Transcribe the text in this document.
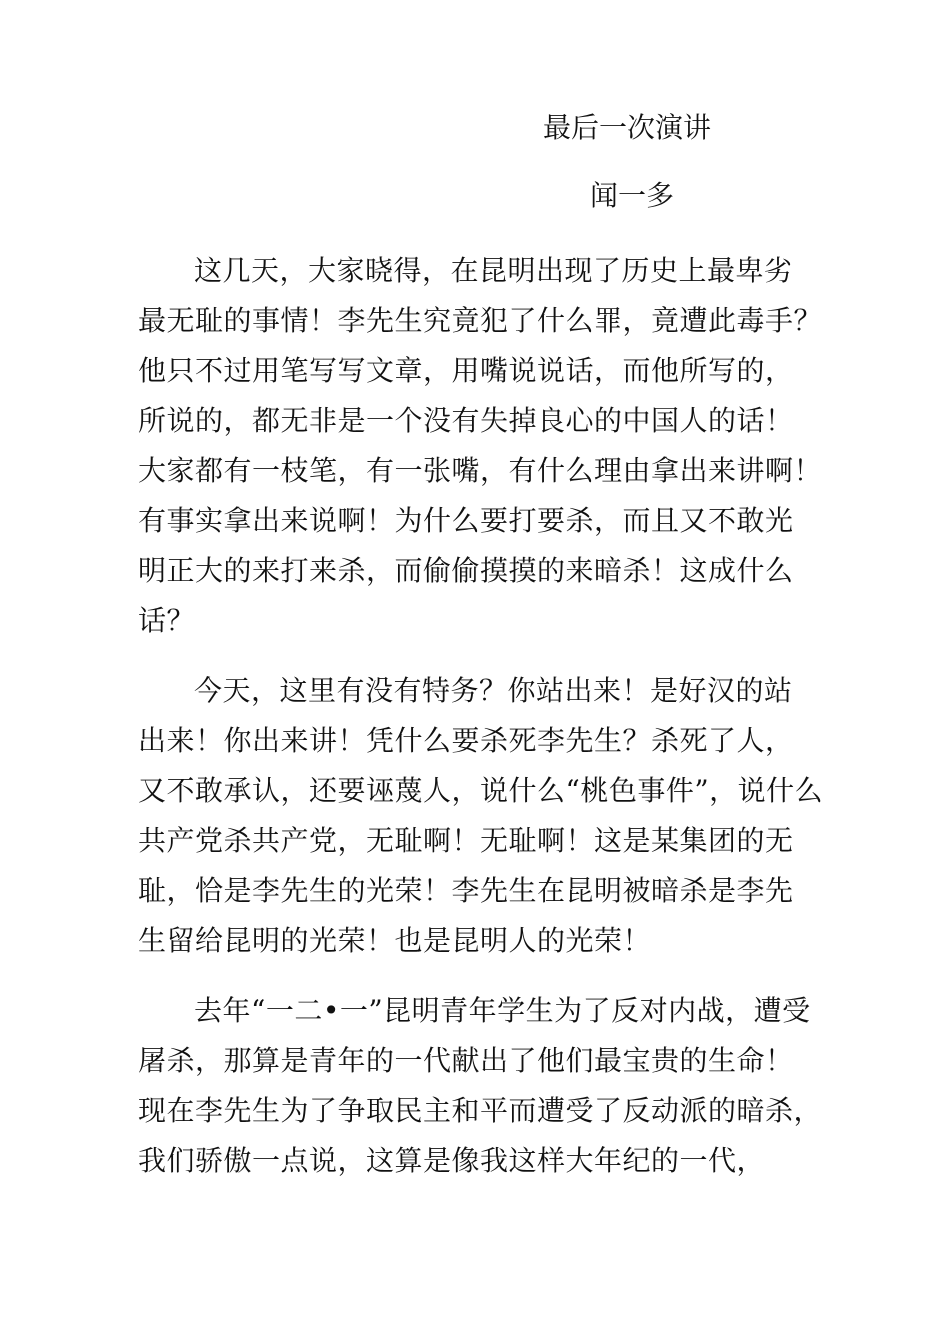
最后一次演讲
闻一多
这几天，大家晓得，在昆明出现了历史上最卑劣
最无耻的事情！李先生究竟犯了什么罪，竟遭此毒手？
他只不过用笔写写文章，用嘴说说话，而他所写的，
所说的，都无非是一个没有失掉良心的中国人的话！
大家都有一枝笔，有一张嘴，有什么理由拿出来讲啊！
有事实拿出来说啊！为什么要打要杀，而且又不敢光
明正大的来打来杀，而偷偷摸摸的来暗杀！这成什么
话？
今天，这里有没有特务？你站出来！是好汉的站
出来！你出来讲！凭什么要杀死李先生？杀死了人，
又不敢承认，还要诬蔑人，说什么“桃色事件”，说什么
共产党杀共产党，无耻啊！无耻啊！这是某集团的无
耻，恰是李先生的光荣！李先生在昆明被暗杀是李先
生留给昆明的光荣！也是昆明人的光荣！
去年“一二•一”昆明青年学生为了反对内战，遭受
屠杀，那算是青年的一代献出了他们最宝贵的生命！
现在李先生为了争取民主和平而遭受了反动派的暗杀，
我们骄傲一点说，这算是像我这样大年纪的一代，
